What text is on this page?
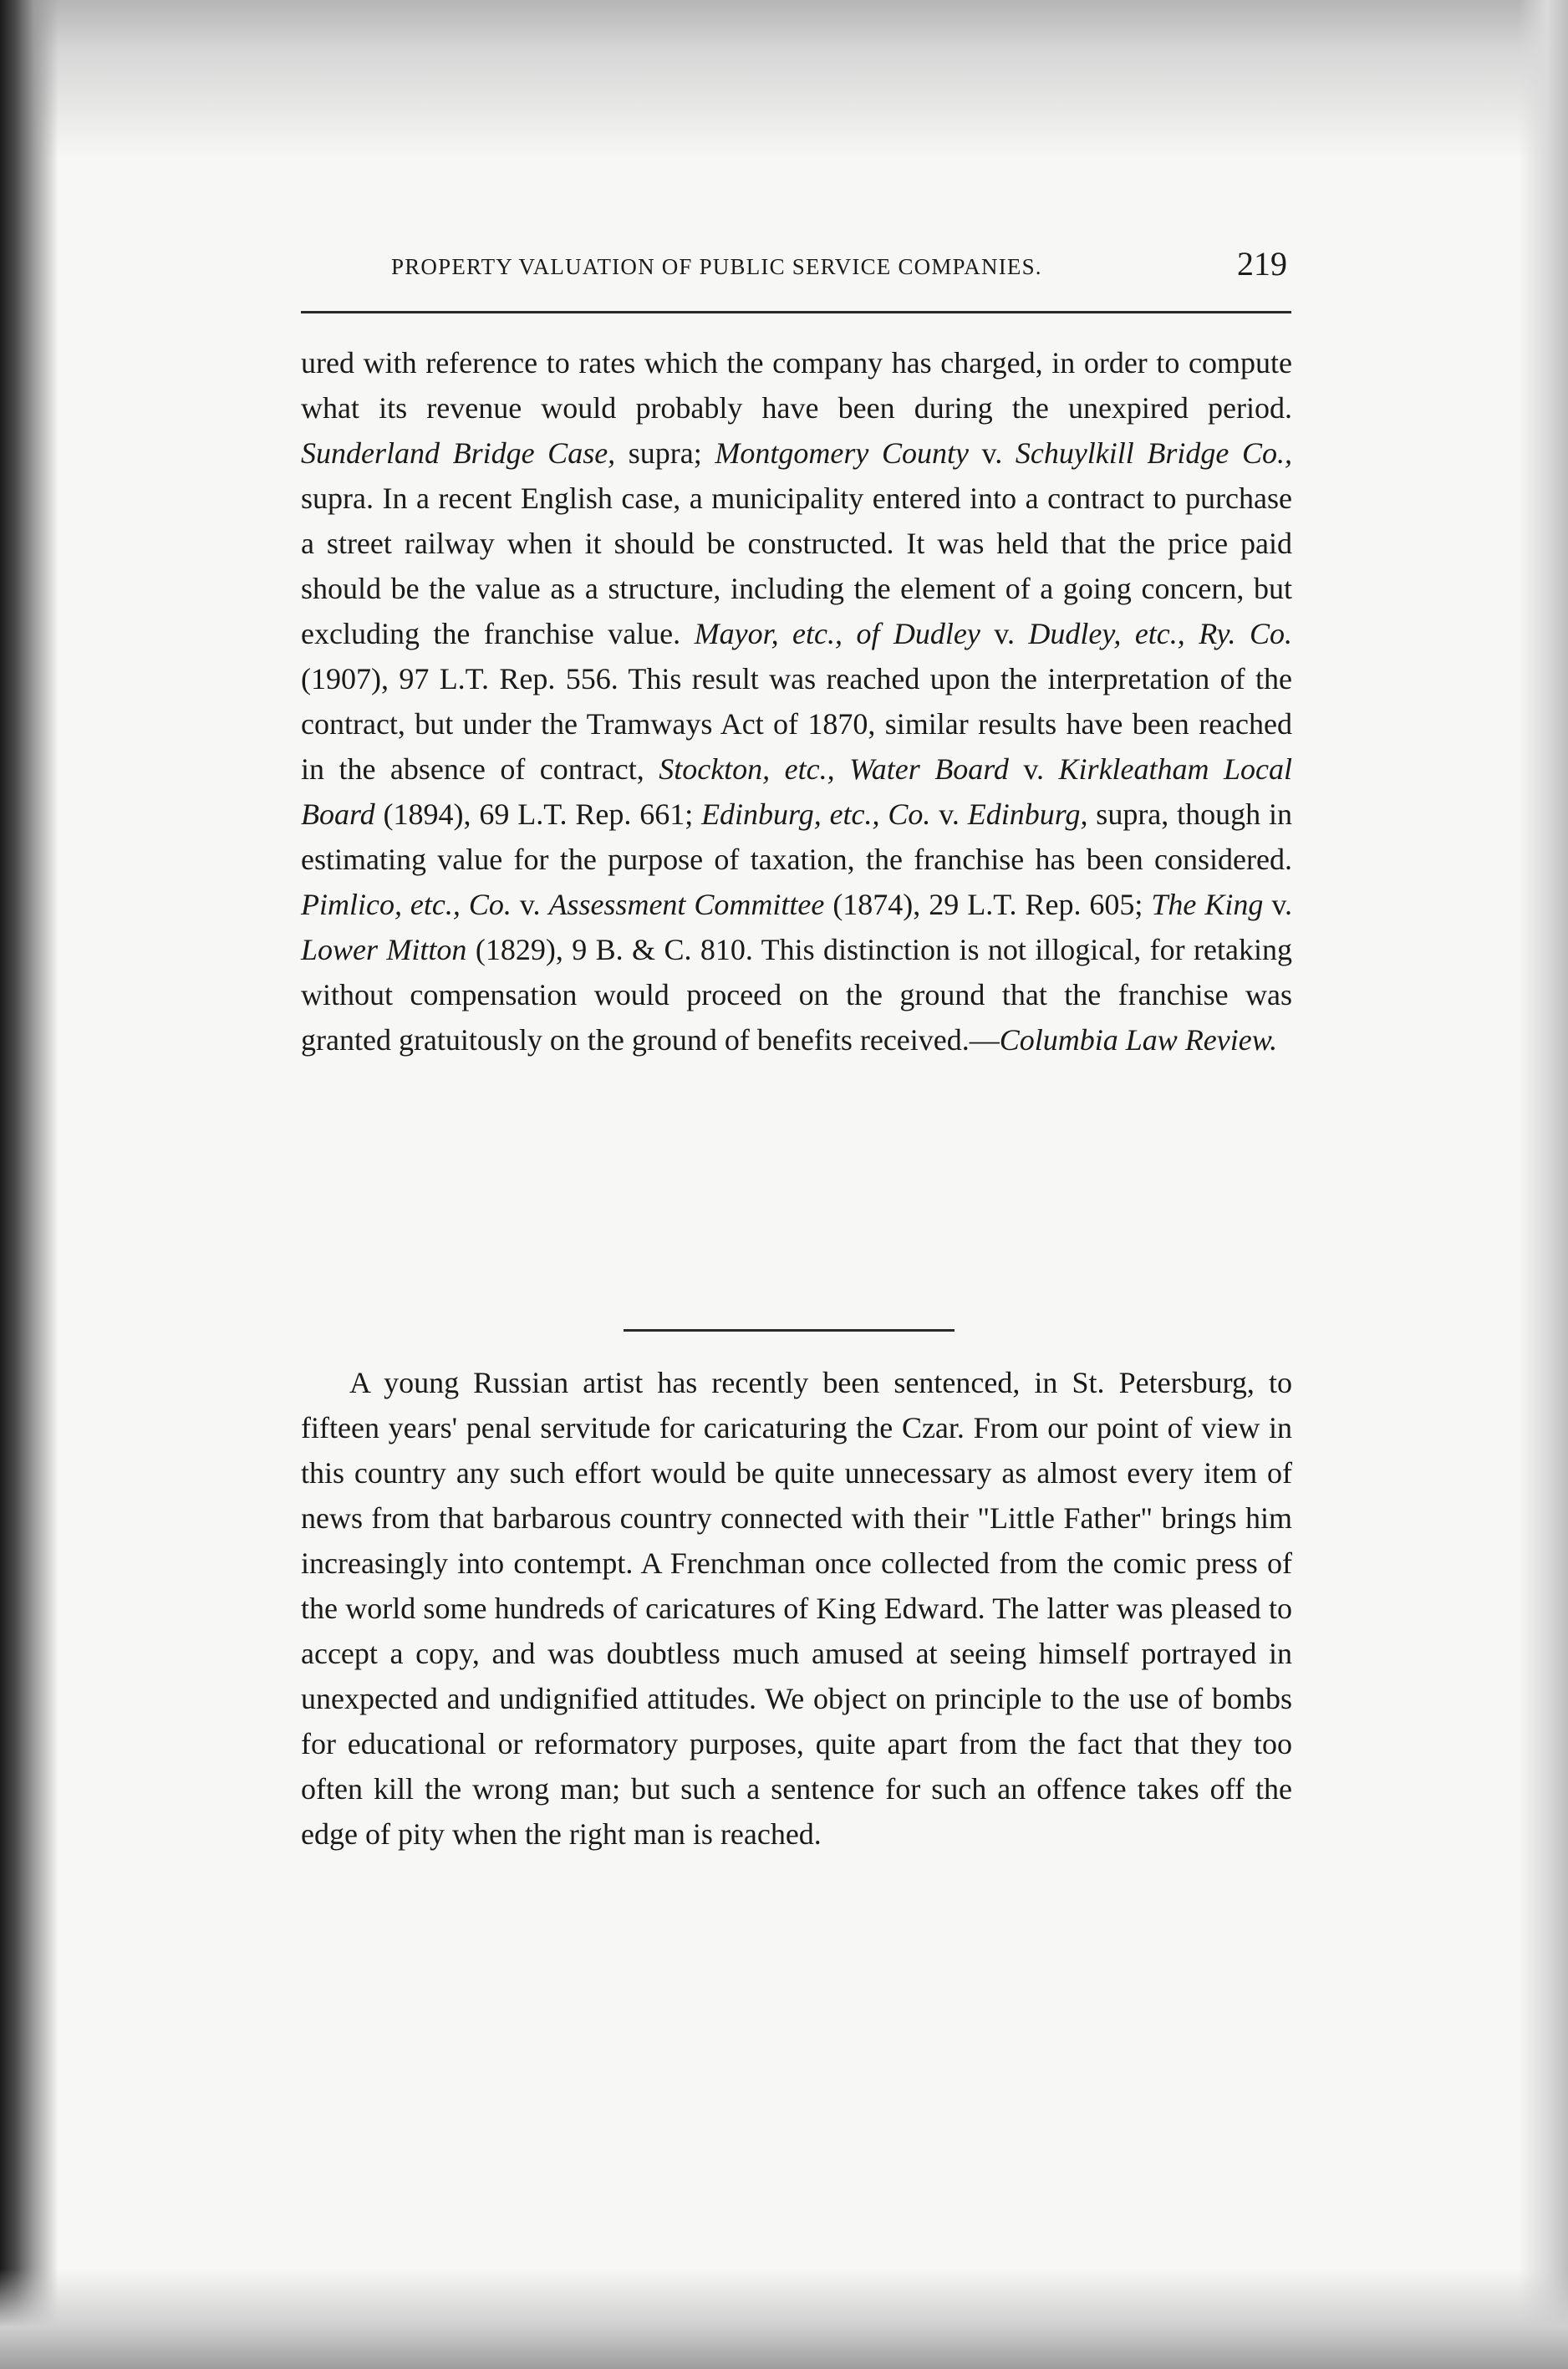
PROPERTY VALUATION OF PUBLIC SERVICE COMPANIES.	219

ured with reference to rates which the company has charged, in order to compute what its revenue would probably have been during the unexpired period. Sunderland Bridge Case, supra; Montgomery County v. Schuylkill Bridge Co., supra. In a recent English case, a municipality entered into a contract to purchase a street railway when it should be constructed. It was held that the price paid should be the value as a structure, including the element of a going concern, but excluding the franchise value. Mayor, etc., of Dudley v. Dudley, etc., Ry. Co. (1907), 97 L.T. Rep. 556. This result was reached upon the interpretation of the contract, but under the Tramways Act of 1870, similar results have been reached in the absence of contract, Stockton, etc., Water Board v. Kirkleatham Local Board (1894), 69 L.T. Rep. 661; Edinburg, etc., Co. v. Edinburg, supra, though in estimating value for the purpose of taxation, the franchise has been considered. Pimlico, etc., Co. v. Assessment Committee (1874), 29 L.T. Rep. 605; The King v. Lower Mitton (1829), 9 B. & C. 810. This distinction is not illogical, for retaking without compensation would proceed on the ground that the franchise was granted gratuitously on the ground of benefits received.—Columbia Law Review.

A young Russian artist has recently been sentenced, in St. Petersburg, to fifteen years' penal servitude for caricaturing the Czar. From our point of view in this country any such effort would be quite unnecessary as almost every item of news from that barbarous country connected with their "Little Father" brings him increasingly into contempt. A Frenchman once collected from the comic press of the world some hundreds of caricatures of King Edward. The latter was pleased to accept a copy, and was doubtless much amused at seeing himself portrayed in unexpected and undignified attitudes. We object on principle to the use of bombs for educational or reformatory purposes, quite apart from the fact that they too often kill the wrong man; but such a sentence for such an offence takes off the edge of pity when the right man is reached.
